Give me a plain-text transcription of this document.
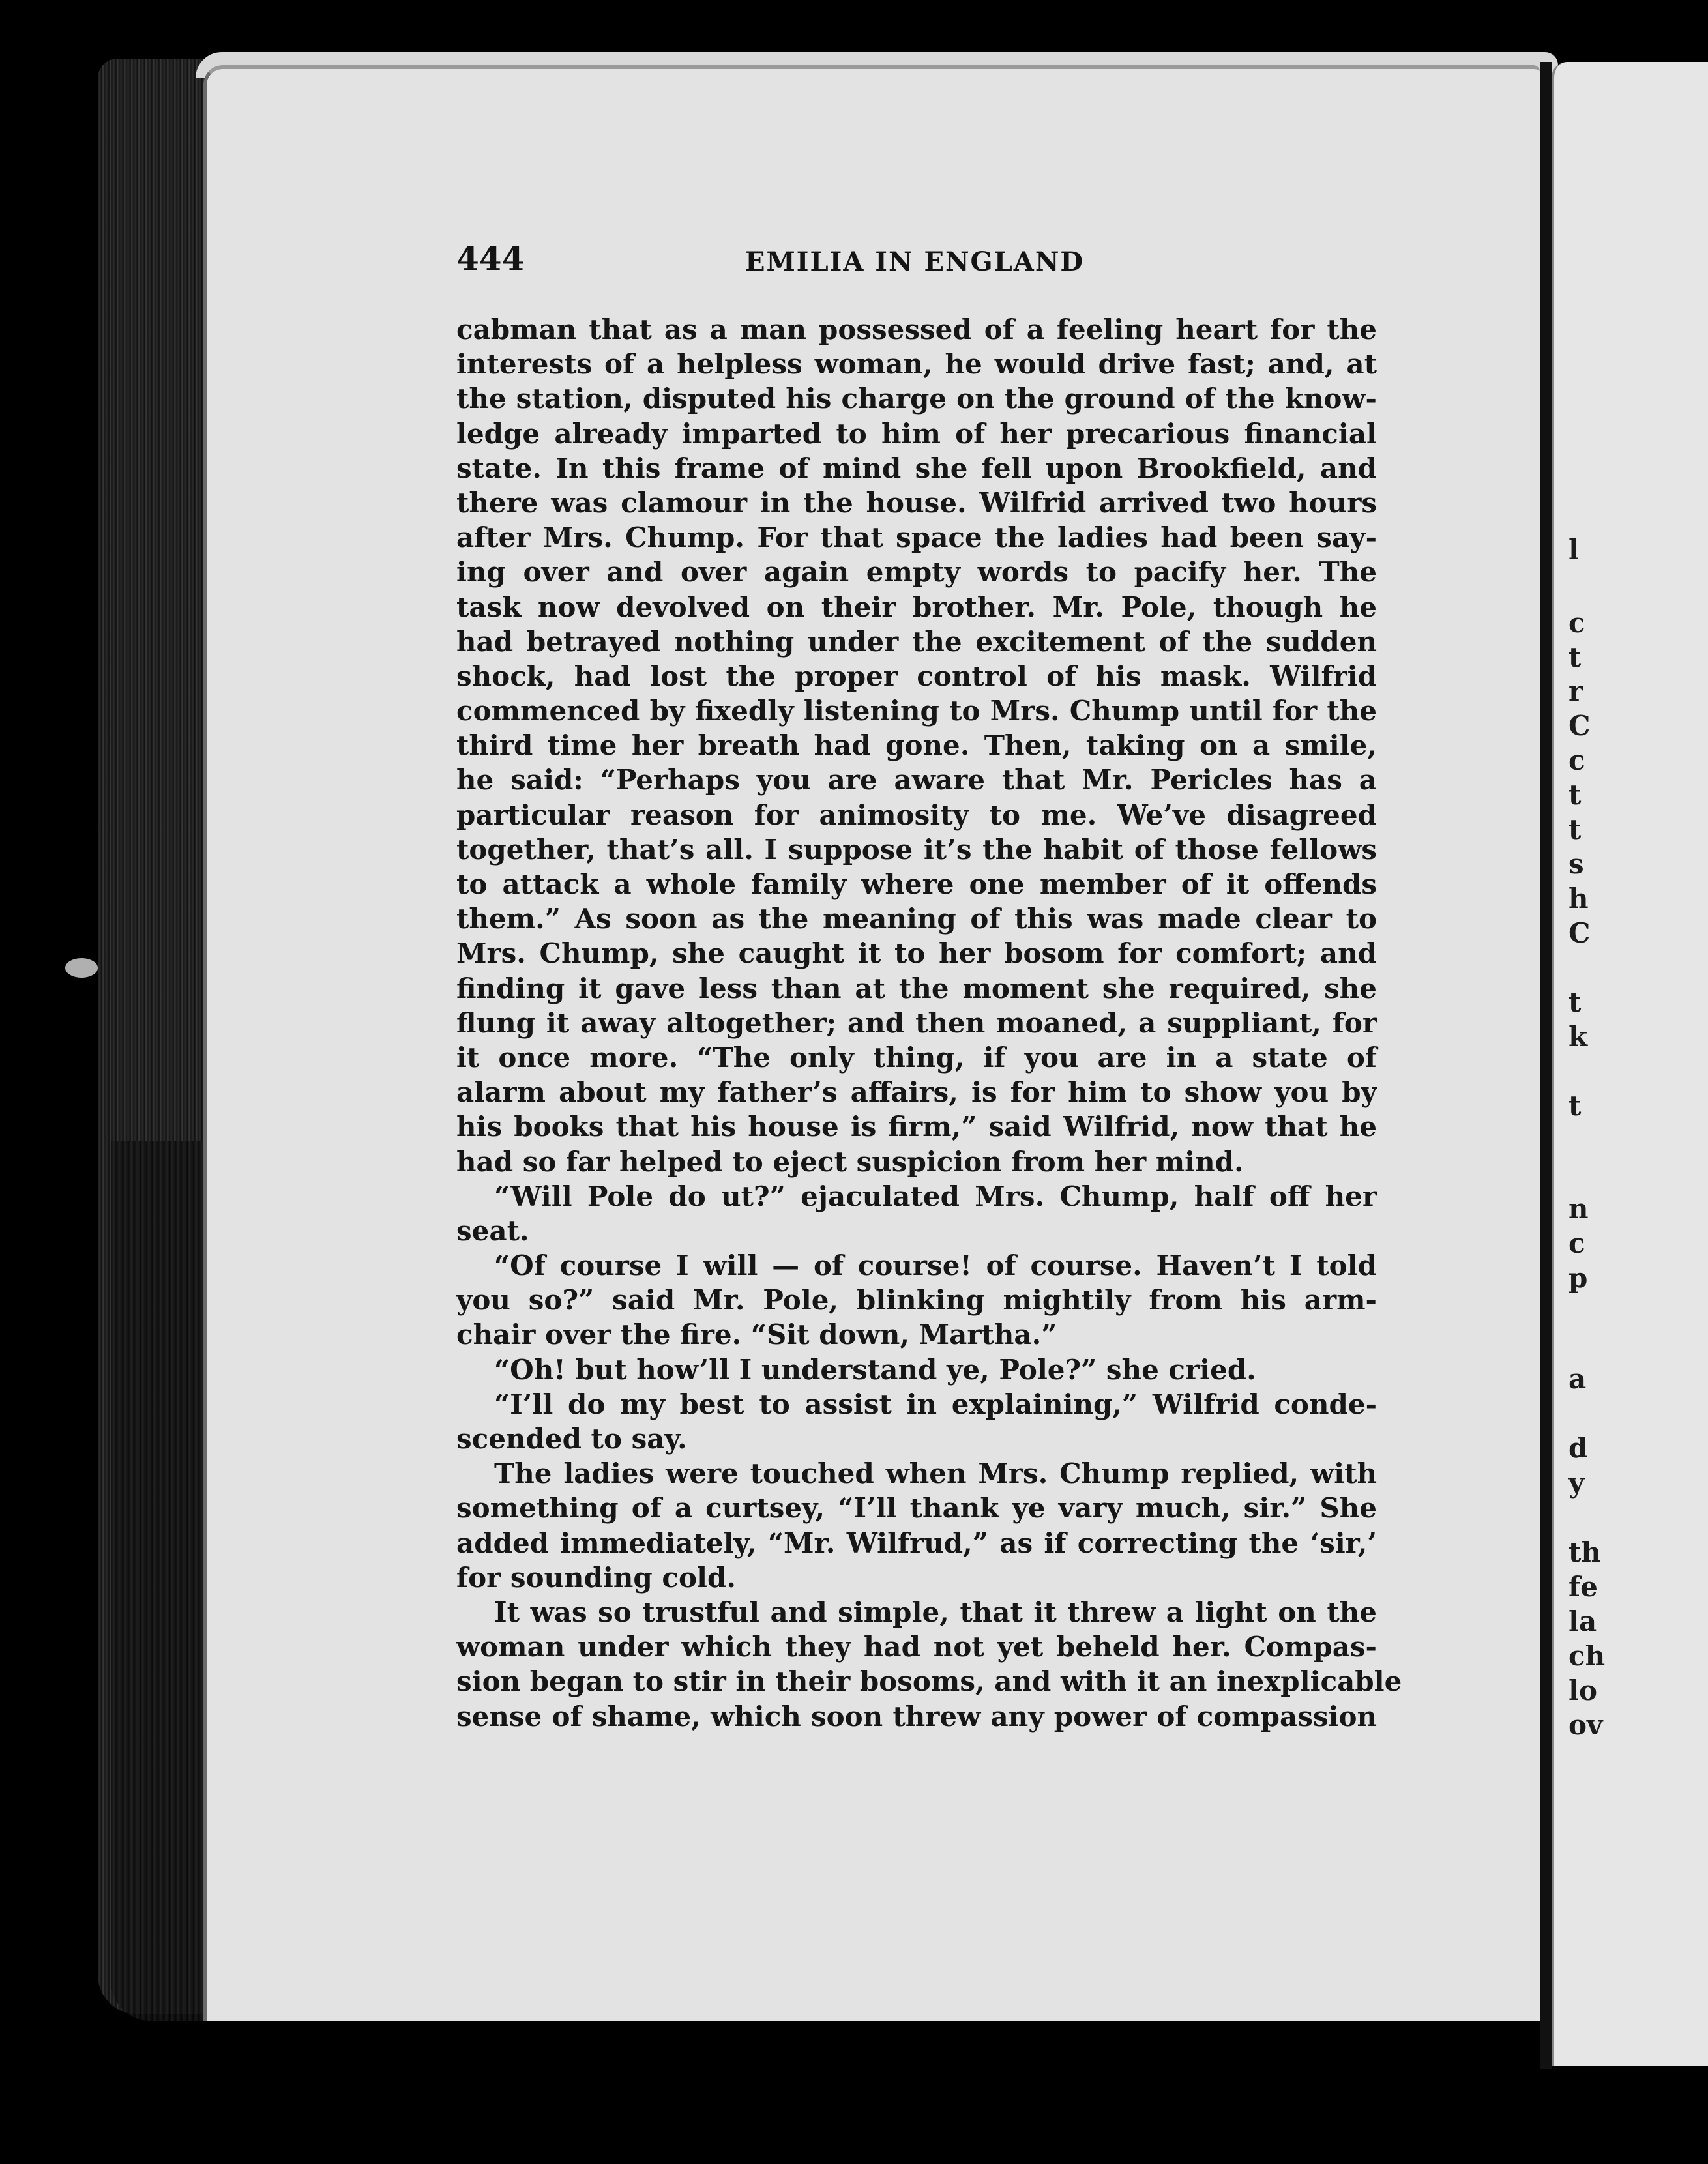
l
c
t
r
C
c
t
t
s
h
C
t
k
t
n
c
p
a
d
y
th
fe
la
ch
lo
ov
444	EMILIA IN ENGLAND
cabman that as a man possessed of a feeling heart for the
interests of a helpless woman, he would drive fast; and, at
the station, disputed his charge on the ground of the know-
ledge already imparted to him of her precarious financial
state. In this frame of mind she fell upon Brookfield, and
there was clamour in the house. Wilfrid arrived two hours
after Mrs. Chump. For that space the ladies had been say-
ing over and over again empty words to pacify her. The
task now devolved on their brother. Mr. Pole, though he
had betrayed nothing under the excitement of the sudden
shock, had lost the proper control of his mask. Wilfrid
commenced by fixedly listening to Mrs. Chump until for the
third time her breath had gone. Then, taking on a smile,
he said: “Perhaps you are aware that Mr. Pericles has a
particular reason for animosity to me. We’ve disagreed
together, that’s all. I suppose it’s the habit of those fellows
to attack a whole family where one member of it offends
them.” As soon as the meaning of this was made clear to
Mrs. Chump, she caught it to her bosom for comfort; and
finding it gave less than at the moment she required, she
flung it away altogether; and then moaned, a suppliant, for
it once more. “The only thing, if you are in a state of
alarm about my father’s affairs, is for him to show you by
his books that his house is firm,” said Wilfrid, now that he
had so far helped to eject suspicion from her mind.
“Will Pole do ut?” ejaculated Mrs. Chump, half off her
seat.
“Of course I will — of course! of course. Haven’t I told
you so?” said Mr. Pole, blinking mightily from his arm-
chair over the fire. “Sit down, Martha.”
“Oh! but how’ll I understand ye, Pole?” she cried.
“I’ll do my best to assist in explaining,” Wilfrid conde-
scended to say.
The ladies were touched when Mrs. Chump replied, with
something of a curtsey, “I’ll thank ye vary much, sir.” She
added immediately, “Mr. Wilfrud,” as if correcting the ‘sir,’
for sounding cold.
It was so trustful and simple, that it threw a light on the
woman under which they had not yet beheld her. Compas-
sion began to stir in their bosoms, and with it an inexplicable
sense of shame, which soon threw any power of compassion
